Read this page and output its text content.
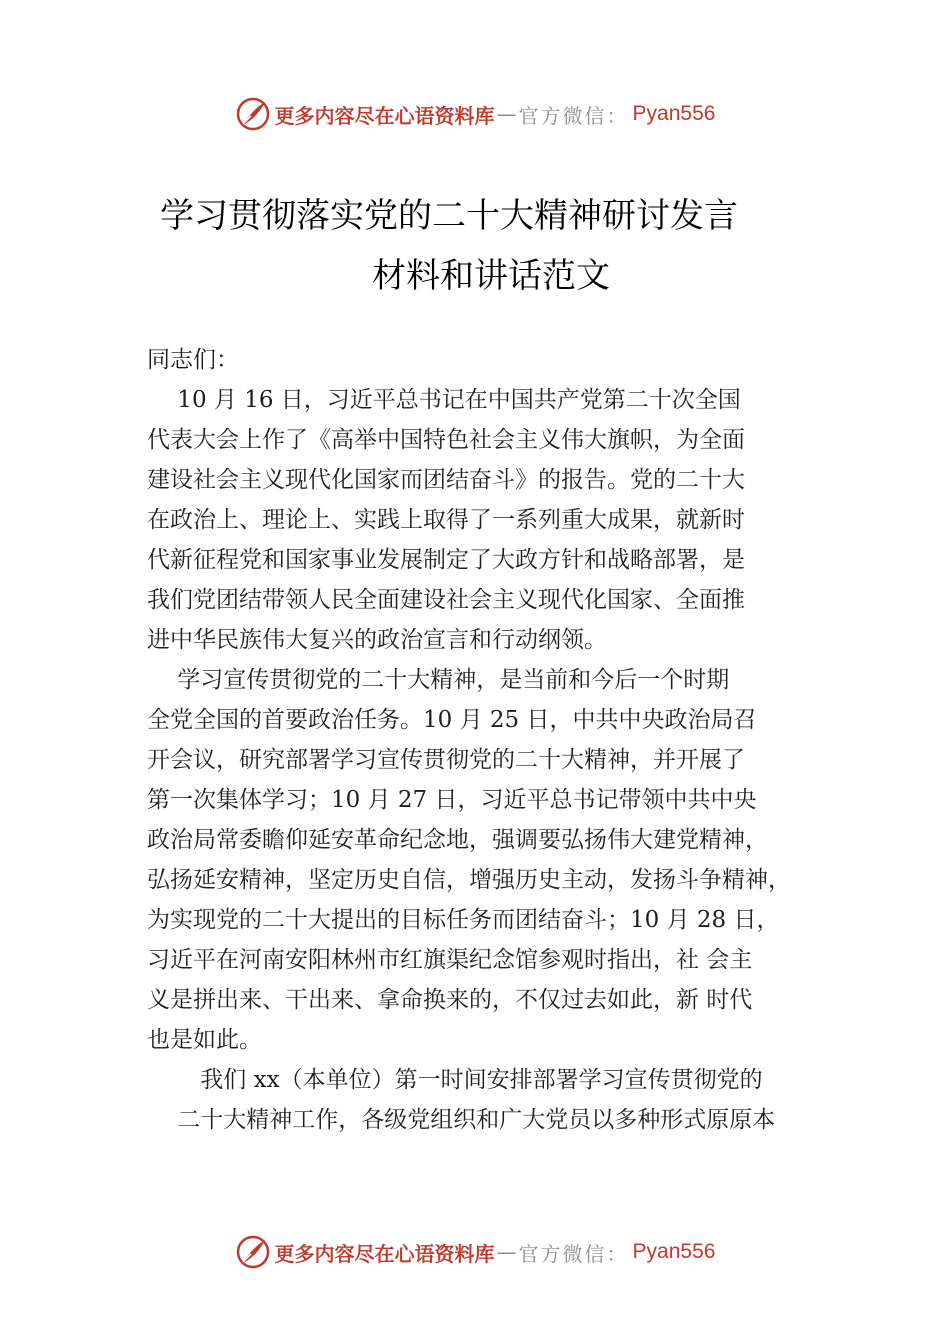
更多内容尽在心语资料库 — 官方微信： Pyan556
学习贯彻落实党的二十大精神研讨发言
材料和讲话范文
同志们：
　 10 月 16 日，习近平总书记在中国共产党第二十次全国
代表大会上作了《高举中国特色社会主义伟大旗帜，为全面
建设社会主义现代化国家而团结奋斗》的报告。党的二十大
在政治上、理论上、实践上取得了一系列重大成果，就新时
代新征程党和国家事业发展制定了大政方针和战略部署，是
我们党团结带领人民全面建设社会主义现代化国家、全面推
进中华民族伟大复兴的政治宣言和行动纲领。
　 学习宣传贯彻党的二十大精神，是当前和今后一个时期
全党全国的首要政治任务。10 月 25 日，中共中央政治局召
开会议，研究部署学习宣传贯彻党的二十大精神，并开展了
第一次集体学习；10 月 27 日，习近平总书记带领中共中央
政治局常委瞻仰延安革命纪念地，强调要弘扬伟大建党精神，
弘扬延安精神，坚定历史自信，增强历史主动，发扬斗争精神，
为实现党的二十大提出的目标任务而团结奋斗；10 月 28 日，
习近平在河南安阳林州市红旗渠纪念馆参观时指出，社 会主
义是拼出来、干出来、拿命换来的，不仅过去如此，新 时代
也是如此。
　　 我们 xx（本单位）第一时间安排部署学习宣传贯彻党的
　 二十大精神工作，各级党组织和广大党员以多种形式原原本
更多内容尽在心语资料库 — 官方微信： Pyan556
